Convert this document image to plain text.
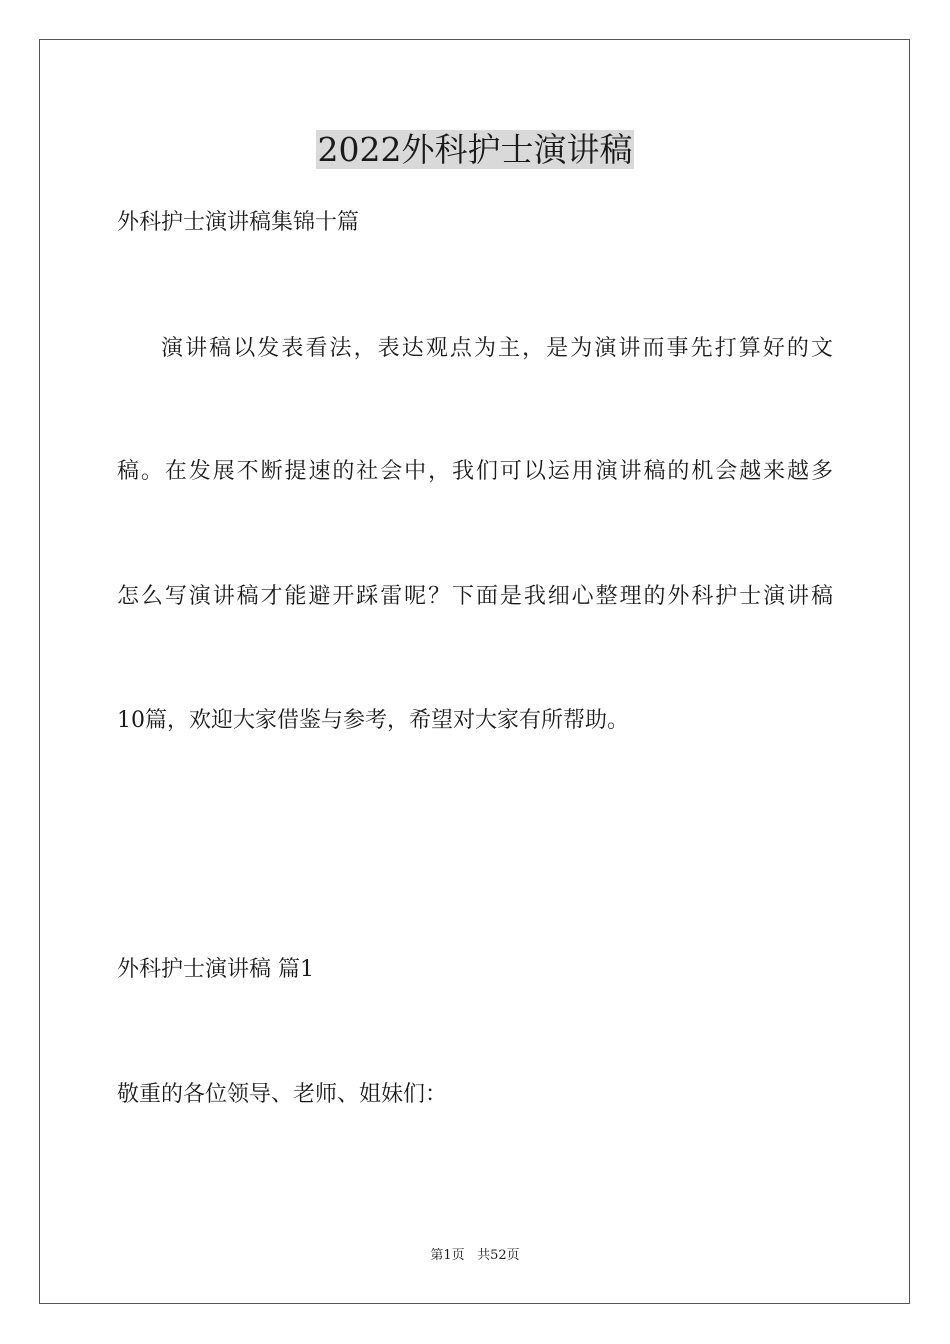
2022外科护士演讲稿
外科护士演讲稿集锦十篇
演讲稿以发表看法，表达观点为主，是为演讲而事先打算好的文
稿。在发展不断提速的社会中，我们可以运用演讲稿的机会越来越多
怎么写演讲稿才能避开踩雷呢？下面是我细心整理的外科护士演讲稿
10篇，欢迎大家借鉴与参考，希望对大家有所帮助。
外科护士演讲稿 篇1
敬重的各位领导、老师、姐妹们：
第1页 共52页
